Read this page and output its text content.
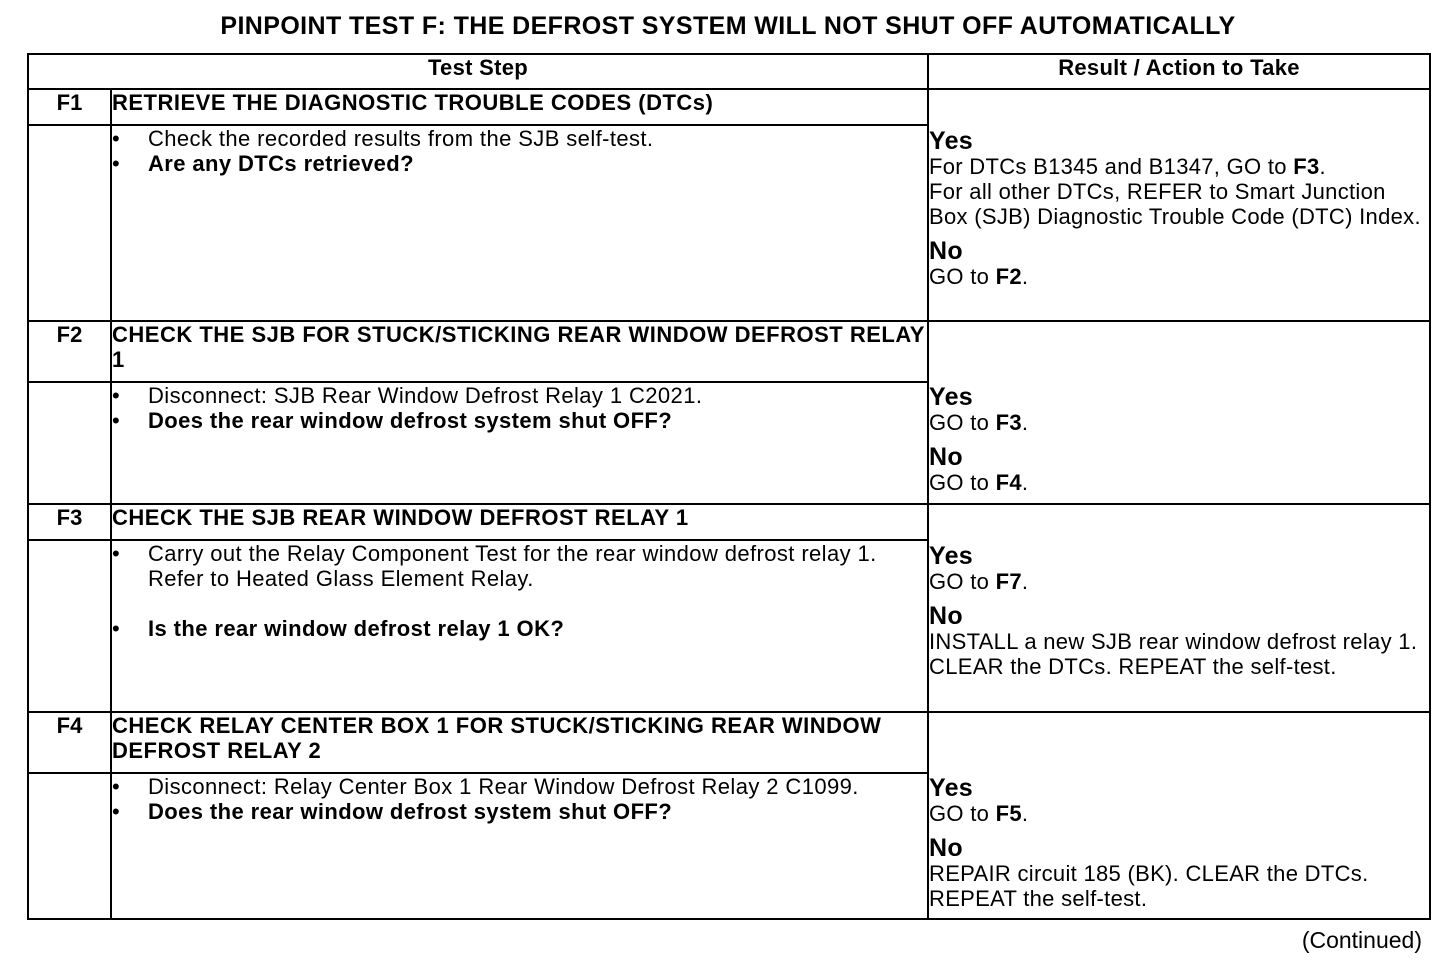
PINPOINT TEST F: THE DEFROST SYSTEM WILL NOT SHUT OFF AUTOMATICALLY
Test Step		Result / Action to Take
F1	RETRIEVE THE DIAGNOSTIC TROUBLE CODES (DTCs)	Yes
For DTCs B1345 and B1347, GO to F3.
For all other DTCs, REFER to Smart Junction Box (SJB) Diagnostic Trouble Code (DTC) Index.
No
GO to F2.

	• Check the recorded results from the SJB self-test.
• Are any DTCs retrieved?	

F2	CHECK THE SJB FOR STUCK/STICKING REAR WINDOW DEFROST RELAY 1	Yes
GO to F3.
No
GO to F4.

	• Disconnect: SJB Rear Window Defrost Relay 1 C2021.
• Does the rear window defrost system shut OFF?	

F3	CHECK THE SJB REAR WINDOW DEFROST RELAY 1	Yes
GO to F7.
No
INSTALL a new SJB rear window defrost relay 1. CLEAR the DTCs. REPEAT the self-test.

	• Carry out the Relay Component Test for the rear window defrost relay 1. Refer to Heated Glass Element Relay.
• Is the rear window defrost relay 1 OK?	

F4	CHECK RELAY CENTER BOX 1 FOR STUCK/STICKING REAR WINDOW DEFROST RELAY 2	Yes
GO to F5.
No
REPAIR circuit 185 (BK). CLEAR the DTCs. REPEAT the self-test.

	• Disconnect: Relay Center Box 1 Rear Window Defrost Relay 2 C1099.
• Does the rear window defrost system shut OFF?	
(Continued)
